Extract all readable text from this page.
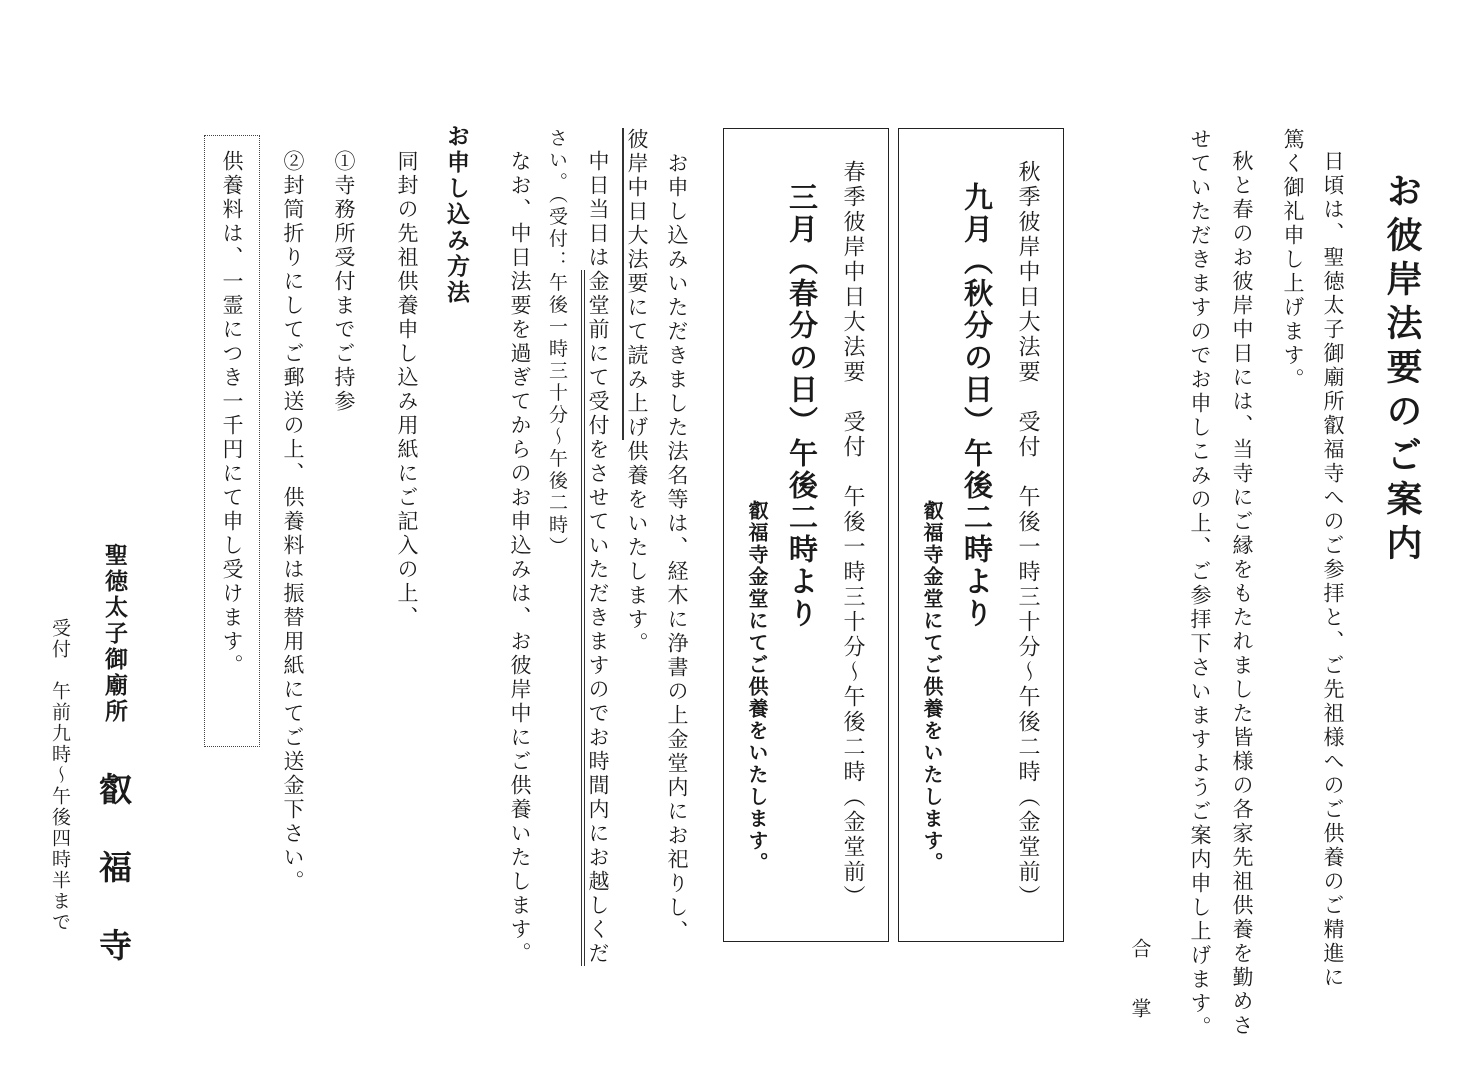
お彼岸法要のご案内
日頃は、聖徳太子御廟所叡福寺へのご参拝と、ご先祖様へのご供養のご精進に
篤く御礼申し上げます。
秋と春のお彼岸中日には、当寺にご縁をもたれました皆様の各家先祖供養を勤めさ
せていただきますのでお申しこみの上、ご参拝下さいますようご案内申し上げます。
合　掌
秋季彼岸中日大法要　受付　午後一時三十分〜午後二時（金堂前）
九月（秋分の日）午後二時より
叡福寺金堂にてご供養をいたします。
春季彼岸中日大法要　受付　午後一時三十分〜午後二時（金堂前）
三月（春分の日）午後二時より
叡福寺金堂にてご供養をいたします。
お申し込みいただきました法名等は、経木に浄書の上金堂内にお祀りし、
彼岸中日大法要にて読み上げ供養をいたします。
中日当日は金堂前にて受付をさせていただきますのでお時間内にお越しくだ
さい。（受付：午後一時三十分〜午後二時）
なお、中日法要を過ぎてからのお申込みは、お彼岸中にご供養いたします。
お申し込み方法
同封の先祖供養申し込み用紙にご記入の上、
①寺務所受付までご持参
②封筒折りにしてご郵送の上、供養料は振替用紙にてご送金下さい。
供養料は、一霊につき一千円にて申し受けます。
聖徳太子御廟所
叡　福　寺
受付　午前九時〜午後四時半まで
